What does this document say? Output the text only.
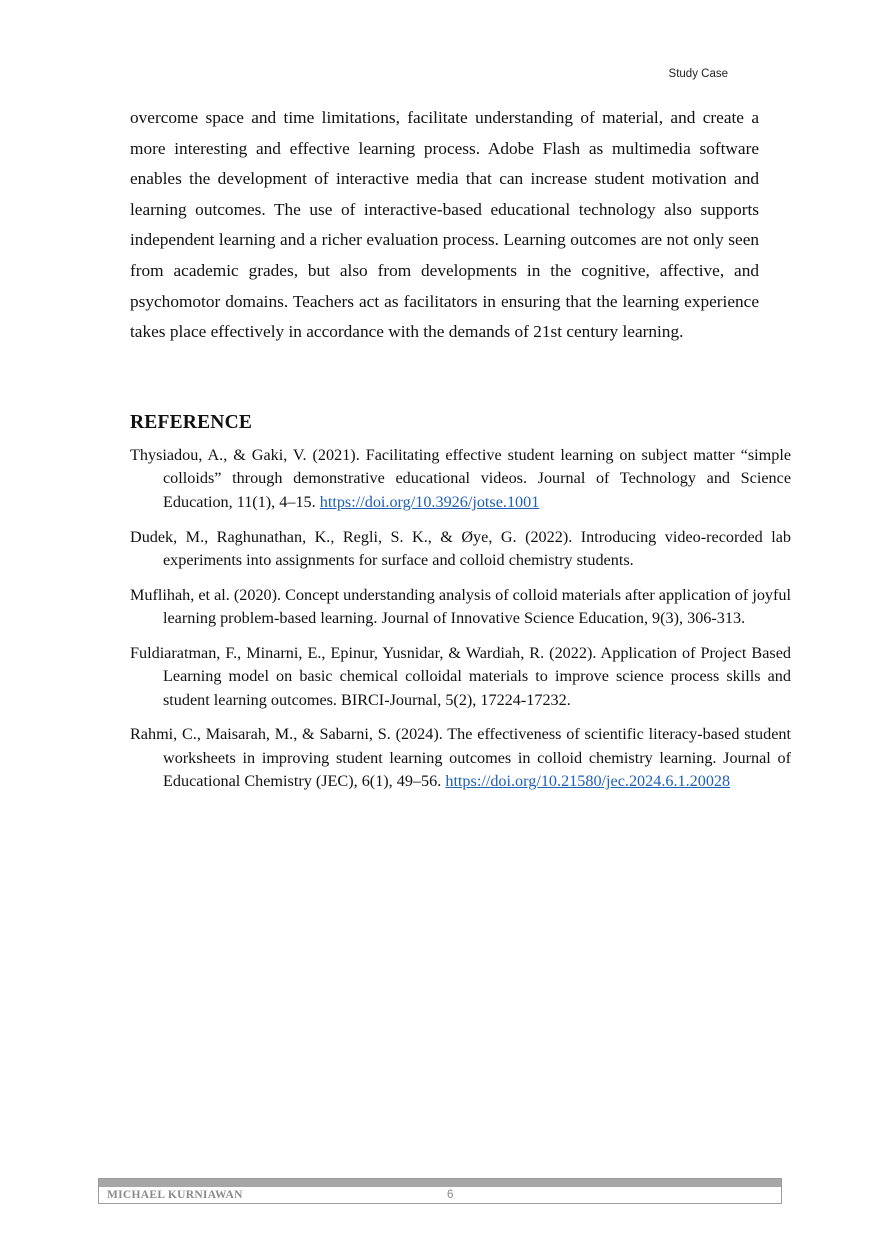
Study Case

overcome space and time limitations, facilitate understanding of material, and create a more interesting and effective learning process. Adobe Flash as multimedia software enables the development of interactive media that can increase student motivation and learning outcomes. The use of interactive-based educational technology also supports independent learning and a richer evaluation process. Learning outcomes are not only seen from academic grades, but also from developments in the cognitive, affective, and psychomotor domains. Teachers act as facilitators in ensuring that the learning experience takes place effectively in accordance with the demands of 21st century learning.

REFERENCE
Thysiadou, A., & Gaki, V. (2021). Facilitating effective student learning on subject matter “simple colloids” through demonstrative educational videos. Journal of Technology and Science Education, 11(1), 4–15. https://doi.org/10.3926/jotse.1001
Dudek, M., Raghunathan, K., Regli, S. K., & Øye, G. (2022). Introducing video-recorded lab experiments into assignments for surface and colloid chemistry students.
Muflihah, et al. (2020). Concept understanding analysis of colloid materials after application of joyful learning problem-based learning. Journal of Innovative Science Education, 9(3), 306-313.
Fuldiaratman, F., Minarni, E., Epinur, Yusnidar, & Wardiah, R. (2022). Application of Project Based Learning model on basic chemical colloidal materials to improve science process skills and student learning outcomes. BIRCI-Journal, 5(2), 17224-17232.
Rahmi, C., Maisarah, M., & Sabarni, S. (2024). The effectiveness of scientific literacy-based student worksheets in improving student learning outcomes in colloid chemistry learning. Journal of Educational Chemistry (JEC), 6(1), 49–56. https://doi.org/10.21580/jec.2024.6.1.20028
MICHAEL KURNIAWAN	6
